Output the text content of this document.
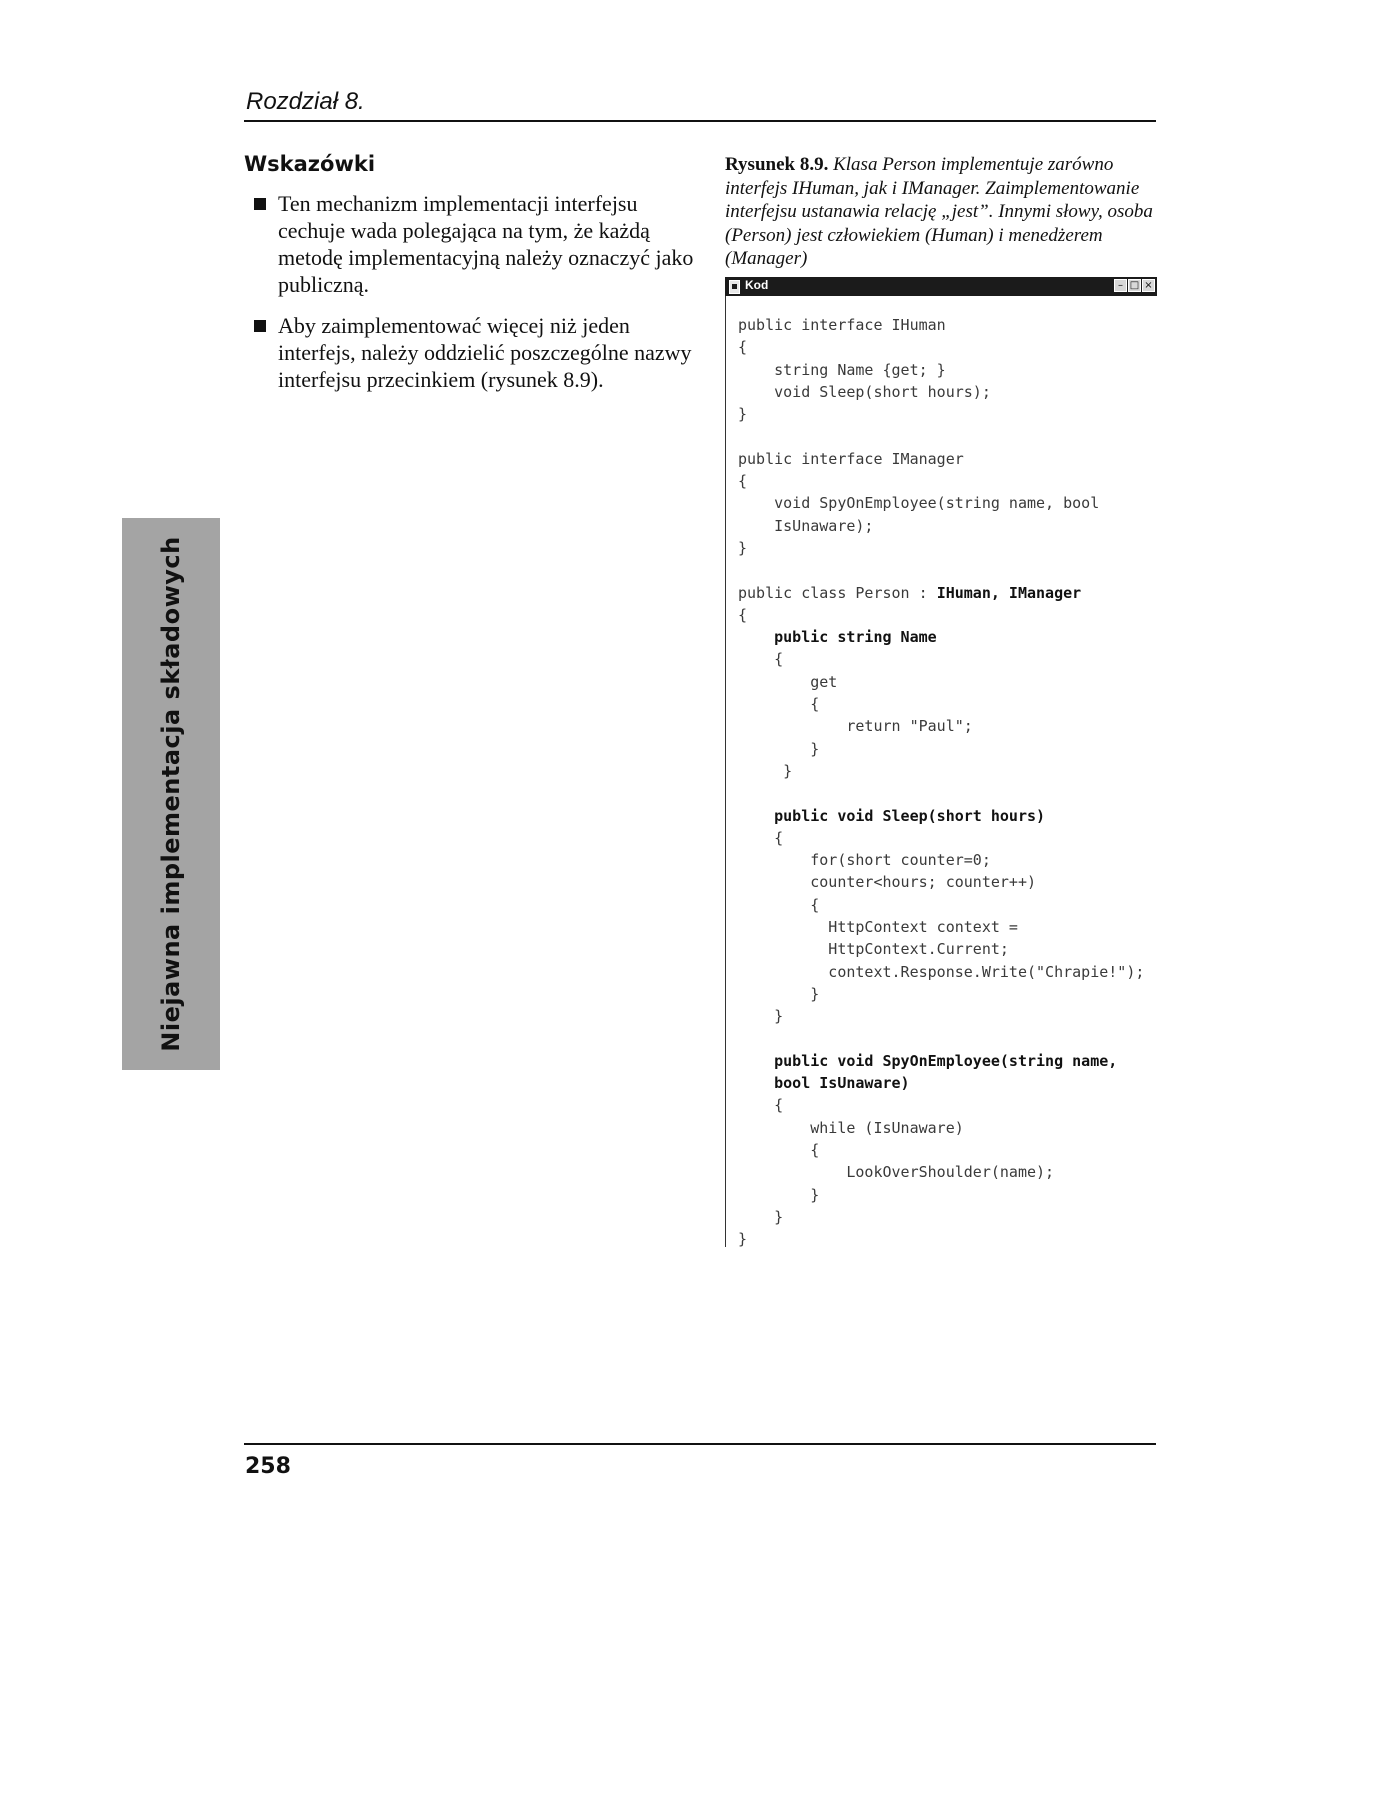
Rozdział 8.
Niejawna implementacja składowych
Wskazówki
Ten mechanizm implementacji interfejsu cechuje wada polegająca na tym, że każdą metodę implementacyjną należy oznaczyć jako publiczną.
Aby zaimplementować więcej niż jeden interfejs, należy oddzielić poszczególne nazwy interfejsu przecinkiem (rysunek 8.9).
Rysunek 8.9. Klasa Person implementuje zarówno interfejs IHuman, jak i IManager. Zaimplementowanie interfejsu ustanawia relację „jest”. Innymi słowy, osoba (Person) jest człowiekiem (Human) i menedżerem (Manager)
Kod	– □ ×
public interface IHuman
{
string Name {get; }
void Sleep(short hours);
}
public interface IManager
{
void SpyOnEmployee(string name, bool
IsUnaware);
}
public class Person : IHuman, IManager
{
public string Name
{
get
{
return "Paul";
}
}
public void Sleep(short hours)
{
for(short counter=0;
counter<hours; counter++)
{
HttpContext context =
HttpContext.Current;
context.Response.Write("Chrapie!");
}
}
public void SpyOnEmployee(string name,
bool IsUnaware)
{
while (IsUnaware)
{
LookOverShoulder(name);
}
}
}
258
